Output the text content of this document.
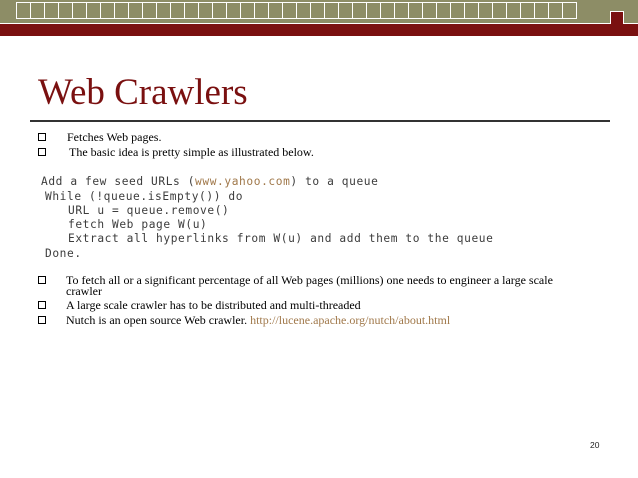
Web Crawlers
Fetches Web pages.
The basic idea is pretty simple as illustrated below.
Add a few seed URLs (www.yahoo.com) to a queue
While (!queue.isEmpty()) do
URL u = queue.remove()
fetch Web page W(u)
Extract all hyperlinks from W(u) and add them to the queue
Done.
To fetch all or a significant percentage of all Web pages (millions) one needs to engineer a large scale
crawler
A large scale crawler has to be distributed and multi-threaded
Nutch is an open source Web crawler. http://lucene.apache.org/nutch/about.html
20
